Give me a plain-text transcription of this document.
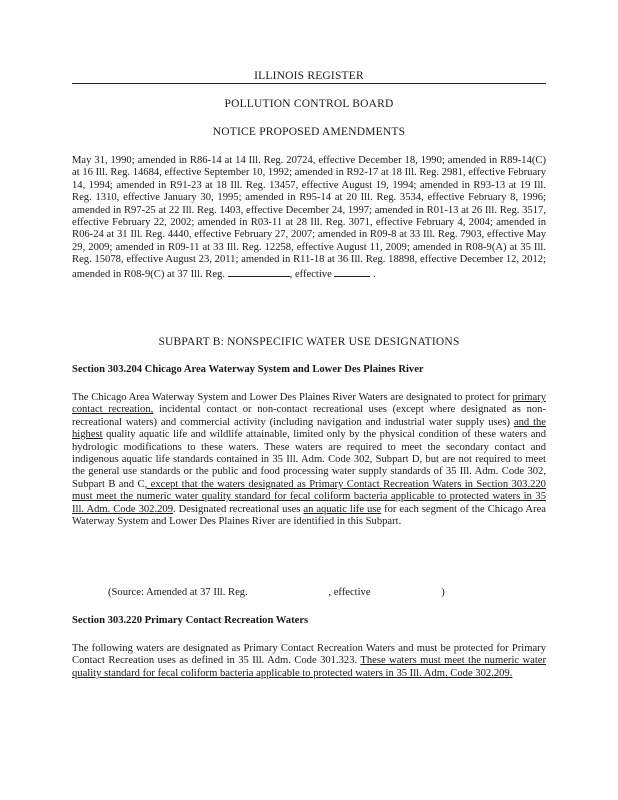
ILLINOIS REGISTER
POLLUTION CONTROL BOARD
NOTICE PROPOSED AMENDMENTS
May 31, 1990; amended in R86-14 at 14 Ill. Reg. 20724, effective December 18, 1990; amended in R89-14(C) at 16 Ill. Reg. 14684, effective September 10, 1992; amended in R92-17 at 18 Ill. Reg. 2981, effective February 14, 1994; amended in R91-23 at 18 Ill. Reg. 13457, effective August 19, 1994; amended in R93-13 at 19 Ill. Reg. 1310, effective January 30, 1995; amended in R95-14 at 20 Ill. Reg. 3534, effective February 8, 1996; amended in R97-25 at 22 Ill. Reg. 1403, effective December 24, 1997; amended in R01-13 at 26 Ill. Reg. 3517, effective February 22, 2002; amended in R03-11 at 28 Ill. Reg. 3071, effective February 4, 2004; amended in R06-24 at 31 Ill. Reg. 4440, effective February 27, 2007; amended in R09-8 at 33 Ill. Reg. 7903, effective May 29, 2009; amended in R09-11 at 33 Ill. Reg. 12258, effective August 11, 2009; amended in R08-9(A) at 35 Ill. Reg. 15078, effective August 23, 2011; amended in R11-18 at 36 Ill. Reg. 18898, effective December 12, 2012; amended in R08-9(C) at 37 Ill. Reg.	, effective	.
SUBPART B: NONSPECIFIC WATER USE DESIGNATIONS
Section 303.204 Chicago Area Waterway System and Lower Des Plaines River
The Chicago Area Waterway System and Lower Des Plaines River Waters are designated to protect for primary contact recreation, incidental contact or non-contact recreational uses (except where designated as non-recreational waters) and commercial activity (including navigation and industrial water supply uses) and the highest quality aquatic life and wildlife attainable, limited only by the physical condition of these waters and hydrologic modifications to these waters. These waters are required to meet the secondary contact and indigenous aquatic life standards contained in 35 Ill. Adm. Code 302, Subpart D, but are not required to meet the general use standards or the public and food processing water supply standards of 35 Ill. Adm. Code 302, Subpart B and C, except that the waters designated as Primary Contact Recreation Waters in Section 303.220 must meet the numeric water quality standard for fecal coliform bacteria applicable to protected waters in 35 Ill. Adm. Code 302.209. Designated recreational uses an aquatic life use for each segment of the Chicago Area Waterway System and Lower Des Plaines River are identified in this Subpart.
(Source: Amended at 37 Ill. Reg.	, effective	)
Section 303.220 Primary Contact Recreation Waters
The following waters are designated as Primary Contact Recreation Waters and must be protected for Primary Contact Recreation uses as defined in 35 Ill. Adm. Code 301.323. These waters must meet the numeric water quality standard for fecal coliform bacteria applicable to protected waters in 35 Ill. Adm. Code 302.209.
